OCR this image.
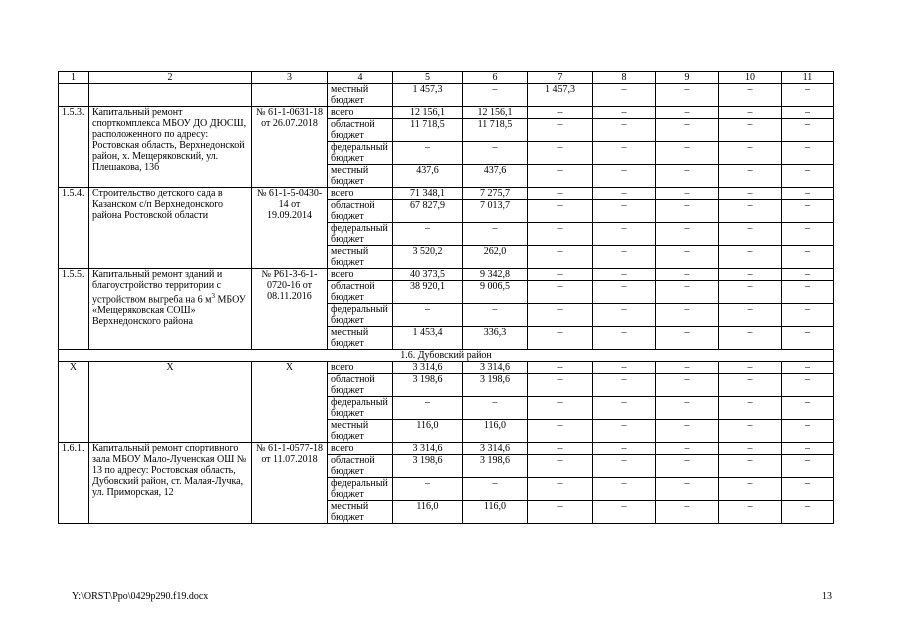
1	2	3	4	5	6	7	8	9	10	11
			местный бюджет	1 457,3	–	1 457,3	–	–	–	–
1.5.3.	Капитальный ремонт спорткомплекса МБОУ ДО ДЮСШ, расположенного по адресу: Ростовская область, Верхнедонской район, х. Мещеряковский, ул. Плешакова, 13б	№ 61-1-0631-18 от 26.07.2018	всего	12 156,1	12 156,1	–	–	–	–	–
			областной бюджет	11 718,5	11 718,5	–	–	–	–	–
			федеральный бюджет	–	–	–	–	–	–	–
			местный бюджет	437,6	437,6	–	–	–	–	–
1.5.4.	Строительство детского сада в Казанском с/п Верхнедонского района Ростовской области	№ 61-1-5-0430-14 от 19.09.2014	всего	71 348,1	7 275,7	–	–	–	–	–
			областной бюджет	67 827,9	7 013,7	–	–	–	–	–
			федеральный бюджет	–	–	–	–	–	–	–
			местный бюджет	3 520,2	262,0	–	–	–	–	–
1.5.5.	Капитальный ремонт зданий и благоустройство территории с устройством выгреба на 6 $м^3$ МБОУ «Мещеряковская СОШ» Верхнедонского района	№ Р61-3-6-1-0720-16 от 08.11.2016	всего	40 373,5	9 342,8	–	–	–	–	–
			областной бюджет	38 920,1	9 006,5	–	–	–	–	–
			федеральный бюджет	–	–	–	–	–	–	–
			местный бюджет	1 453,4	336,3	–	–	–	–	–
1.6. Дубовский район										
Х	Х	Х	всего	3 314,6	3 314,6	–	–	–	–	–
			областной бюджет	3 198,6	3 198,6	–	–	–	–	–
			федеральный бюджет	–	–	–	–	–	–	–
			местный бюджет	116,0	116,0	–	–	–	–	–
1.6.1.	Капитальный ремонт спортивного зала МБОУ Мало-Лученская ОШ № 13 по адресу: Ростовская область, Дубовский район, ст. Малая-Лучка, ул. Приморская, 12	№ 61-1-0577-18 от 11.07.2018	всего	3 314,6	3 314,6	–	–	–	–	–
			областной бюджет	3 198,6	3 198,6	–	–	–	–	–
			федеральный бюджет	–	–	–	–	–	–	–
			местный бюджет	116,0	116,0	–	–	–	–	–
Y:\ORST\Ppo\0429p290.f19.docx	13
